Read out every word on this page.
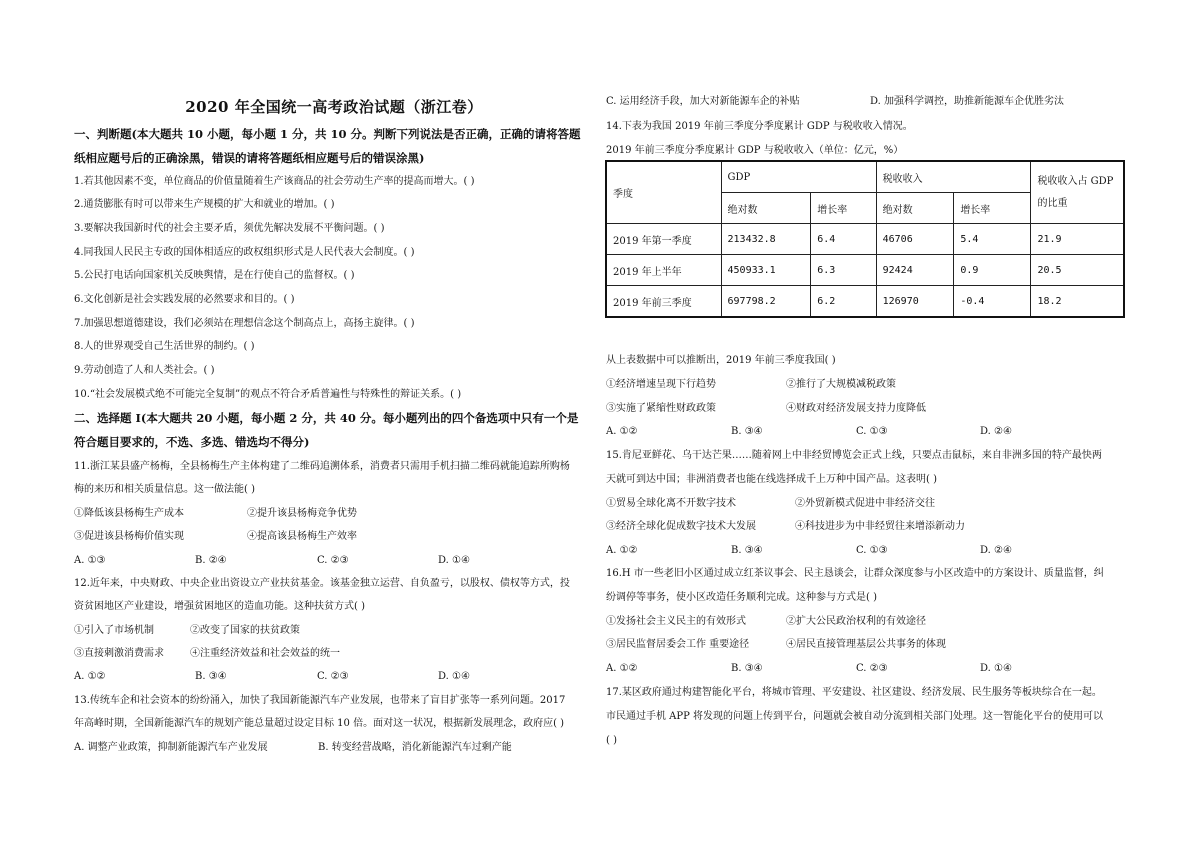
2020 年全国统一高考政治试题（浙江卷）
一、判断题(本大题共 10 小题，每小题 1 分，共 10 分。判断下列说法是否正确，正确的请将答题
纸相应题号后的正确涂黑，错误的请将答题纸相应题号后的错误涂黑)
1.若其他因素不变，单位商品的价值量随着生产该商品的社会劳动生产率的提高而增大。( )
2.通货膨胀有时可以带来生产规模的扩大和就业的增加。( )
3.要解决我国新时代的社会主要矛盾，须优先解决发展不平衡问题。( )
4.同我国人民民主专政的国体相适应的政权组织形式是人民代表大会制度。( )
5.公民打电话向国家机关反映舆情，是在行使自己的监督权。( )
6.文化创新是社会实践发展的必然要求和目的。( )
7.加强思想道德建设，我们必须站在理想信念这个制高点上，高扬主旋律。( )
8.人的世界观受自己生活世界的制约。( )
9.劳动创造了人和人类社会。( )
10.“社会发展模式绝不可能完全复制”的观点不符合矛盾普遍性与特殊性的辩证关系。( )
二、选择题 I(本大题共 20 小题，每小题 2 分，共 40 分。每小题列出的四个备选项中只有一个是
符合题目要求的，不选、多选、错选均不得分)
11.浙江某县盛产杨梅，全县杨梅生产主体构建了二维码追溯体系，消费者只需用手机扫描二维码就能追踪所购杨
梅的来历和相关质量信息。这一做法能( )
①降低该县杨梅生产成本	②提升该县杨梅竞争优势
③促进该县杨梅价值实现	④提高该县杨梅生产效率
A. ①③	B. ②④	C. ②③	D. ①④
12.近年来，中央财政、中央企业出资设立产业扶贫基金。该基金独立运营、自负盈亏，以股权、债权等方式，投
资贫困地区产业建设，增强贫困地区的造血功能。这种扶贫方式( )
①引入了市场机制	②改变了国家的扶贫政策
③直接刺激消费需求	④注重经济效益和社会效益的统一
A. ①②	B. ③④	C. ②③	D. ①④
13.传统车企和社会资本的纷纷涌入，加快了我国新能源汽车产业发展，也带来了盲目扩张等一系列问题。2017
年高峰时期，全国新能源汽车的规划产能总量超过设定目标 10 倍。面对这一状况，根据新发展理念，政府应( )
A. 调整产业政策，抑制新能源汽车产业发展	B. 转变经营战略，消化新能源汽车过剩产能
C. 运用经济手段，加大对新能源车企的补贴	D. 加强科学调控，助推新能源车企优胜劣汰
14.下表为我国 2019 年前三季度分季度累计 GDP 与税收收入情况。
2019 年前三季度分季度累计 GDP 与税收收入（单位：亿元，%）
季度	GDP		税收收入		税收收入占 GDP 的比重
	绝对数	增长率	绝对数	增长率	
2019 年第一季度	213432.8	6.4	46706	5.4	21.9
2019 年上半年	450933.1	6.3	92424	0.9	20.5
2019 年前三季度	697798.2	6.2	126970	-0.4	18.2
从上表数据中可以推断出，2019 年前三季度我国( )
①经济增速呈现下行趋势	②推行了大规模减税政策
③实施了紧缩性财政政策	④财政对经济发展支持力度降低
A. ①②	B. ③④	C. ①③	D. ②④
15.肯尼亚鲜花、乌干达芒果……随着网上中非经贸博览会正式上线，只要点击鼠标，来自非洲多国的特产最快两
天就可到达中国；非洲消费者也能在线选择成千上万种中国产品。这表明( )
①贸易全球化离不开数字技术	②外贸新模式促进中非经济交往
③经济全球化促成数字技术大发展	④科技进步为中非经贸往来增添新动力
A. ①②	B. ③④	C. ①③	D. ②④
16.H 市一些老旧小区通过成立红茶议事会、民主恳谈会，让群众深度参与小区改造中的方案设计、质量监督，纠
纷调停等事务，使小区改造任务顺利完成。这种参与方式是( )
①发扬社会主义民主的有效形式	②扩大公民政治权利的有效途径
③居民监督居委会工作 重要途径	④居民直接管理基层公共事务的体现
A. ①②	B. ③④	C. ②③	D. ①④
17.某区政府通过构建智能化平台，将城市管理、平安建设、社区建设、经济发展、民生服务等板块综合在一起。
市民通过手机 APP 将发现的问题上传到平台，问题就会被自动分流到相关部门处理。这一智能化平台的使用可以
( )
